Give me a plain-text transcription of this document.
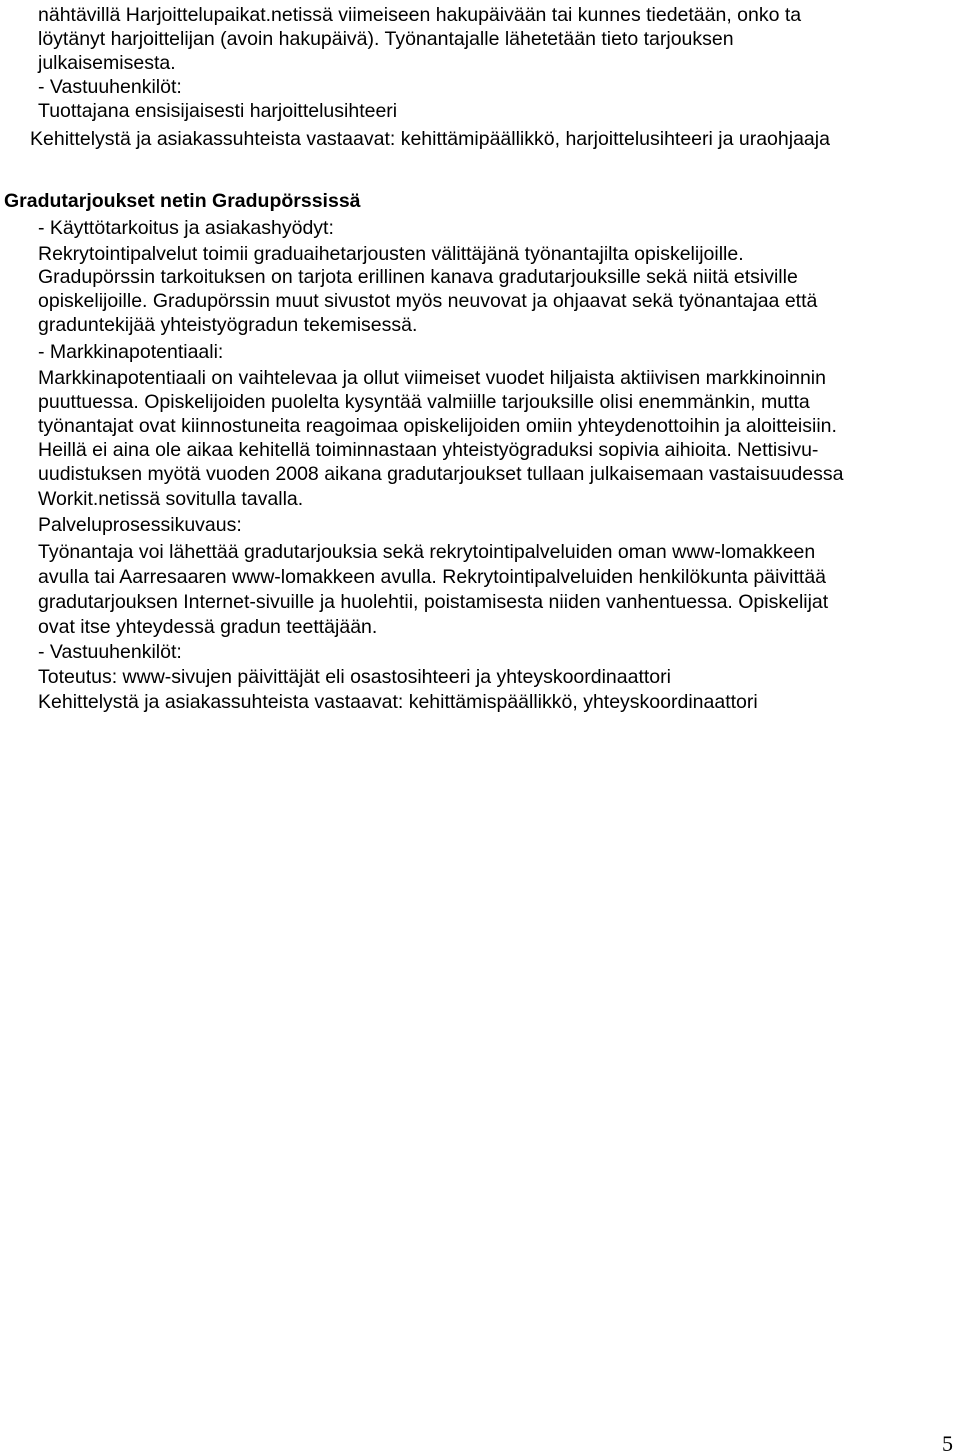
nähtävillä Harjoittelupaikat.netissä viimeiseen hakupäivään tai kunnes tiedetään, onko ta
löytänyt harjoittelijan (avoin hakupäivä). Työnantajalle lähetetään tieto tarjouksen
julkaisemisesta.
- Vastuuhenkilöt:
Tuottajana ensisijaisesti harjoittelusihteeri
Kehittelystä ja asiakassuhteista vastaavat: kehittämipäällikkö, harjoittelusihteeri ja uraohjaaja
Gradutarjoukset netin Gradupörssissä
- Käyttötarkoitus ja asiakashyödyt:
Rekrytointipalvelut toimii graduaihetarjousten välittäjänä työnantajilta opiskelijoille.
Gradupörssin tarkoituksen on tarjota erillinen kanava gradutarjouksille sekä niitä etsiville
opiskelijoille. Gradupörssin muut sivustot myös neuvovat ja ohjaavat sekä työnantajaa että
graduntekijää yhteistyögradun tekemisessä.
- Markkinapotentiaali:
Markkinapotentiaali on vaihtelevaa ja ollut viimeiset vuodet hiljaista aktiivisen markkinoinnin
puuttuessa. Opiskelijoiden puolelta kysyntää valmiille tarjouksille olisi enemmänkin, mutta
työnantajat ovat kiinnostuneita reagoimaa opiskelijoiden omiin yhteydenottoihin ja aloitteisiin.
Heillä ei aina ole aikaa kehitellä toiminnastaan yhteistyögraduksi sopivia aihioita. Nettisivu-
uudistuksen myötä vuoden 2008 aikana gradutarjoukset tullaan julkaisemaan vastaisuudessa
Workit.netissä sovitulla tavalla.
Palveluprosessikuvaus:
Työnantaja voi lähettää gradutarjouksia sekä rekrytointipalveluiden oman www-lomakkeen
avulla tai Aarresaaren www-lomakkeen avulla. Rekrytointipalveluiden henkilökunta päivittää
gradutarjouksen Internet-sivuille ja huolehtii, poistamisesta niiden vanhentuessa. Opiskelijat
ovat itse yhteydessä gradun teettäjään.
- Vastuuhenkilöt:
Toteutus: www-sivujen päivittäjät eli osastosihteeri ja yhteyskoordinaattori
Kehittelystä ja asiakassuhteista vastaavat: kehittämispäällikkö, yhteyskoordinaattori
5
